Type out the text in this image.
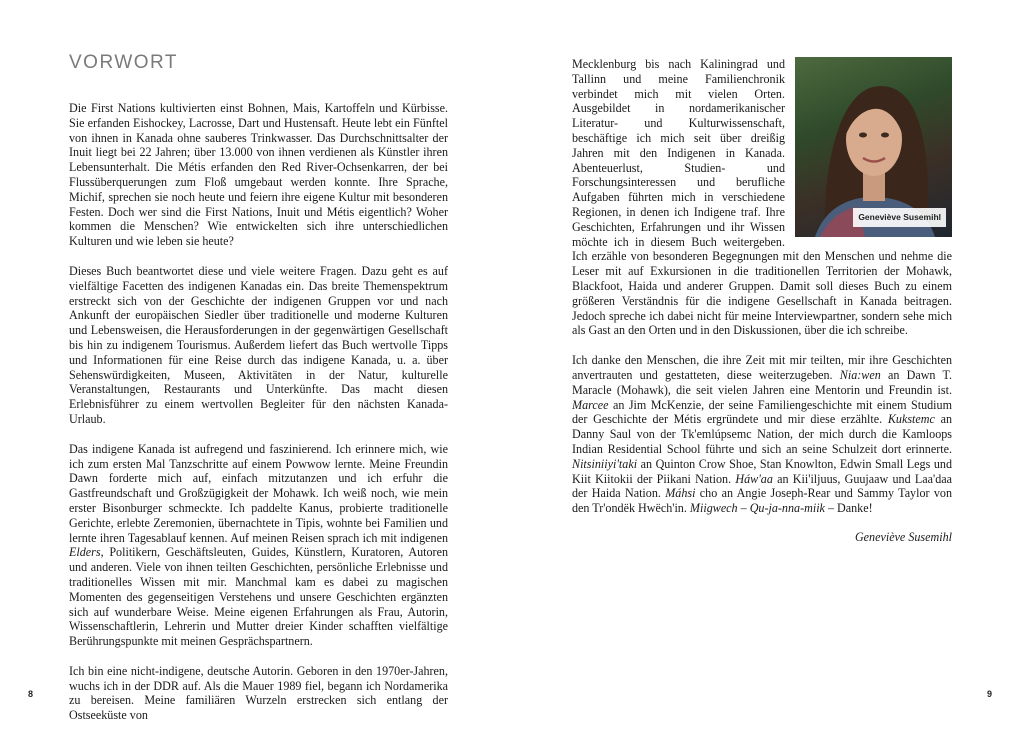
VORWORT

Die First Nations kultivierten einst Bohnen, Mais, Kartoffeln und Kürbisse. Sie erfanden Eishockey, Lacrosse, Dart und Hustensaft. Heute lebt ein Fünftel von ihnen in Kanada ohne sauberes Trinkwasser. Das Durchschnittsalter der Inuit liegt bei 22 Jahren; über 13.000 von ihnen verdienen als Künstler ihren Lebensunterhalt. Die Métis erfanden den Red River-Ochsenkarren, der bei Flussüberquerungen zum Floß umgebaut werden konnte. Ihre Sprache, Michif, sprechen sie noch heute und feiern ihre eigene Kultur mit besonderen Festen. Doch wer sind die First Nations, Inuit und Métis eigentlich? Woher kommen die Menschen? Wie entwickelten sich ihre unterschiedlichen Kulturen und wie leben sie heute?

Dieses Buch beantwortet diese und viele weitere Fragen. Dazu geht es auf vielfältige Facetten des indigenen Kanadas ein. Das breite Themenspektrum erstreckt sich von der Geschichte der indigenen Gruppen vor und nach Ankunft der europäischen Siedler über traditionelle und moderne Kulturen und Lebensweisen, die Herausforderungen in der gegenwärtigen Gesellschaft bis hin zu indigenem Tourismus. Außerdem liefert das Buch wertvolle Tipps und Informationen für eine Reise durch das indigene Kanada, u. a. über Sehenswürdigkeiten, Museen, Aktivitäten in der Natur, kulturelle Veranstaltungen, Restaurants und Unterkünfte. Das macht diesen Erlebnisführer zu einem wertvollen Begleiter für den nächsten Kanada-Urlaub.

Das indigene Kanada ist aufregend und faszinierend. Ich erinnere mich, wie ich zum ersten Mal Tanzschritte auf einem Powwow lernte. Meine Freundin Dawn forderte mich auf, einfach mitzutanzen und ich erfuhr die Gastfreundschaft und Großzügigkeit der Mohawk. Ich weiß noch, wie mein erster Bisonburger schmeckte. Ich paddelte Kanus, probierte traditionelle Gerichte, erlebte Zeremonien, übernachtete in Tipis, wohnte bei Familien und lernte ihren Tagesablauf kennen. Auf meinen Reisen sprach ich mit indigenen Elders, Politikern, Geschäftsleuten, Guides, Künstlern, Kuratoren, Autoren und anderen. Viele von ihnen teilten Geschichten, persönliche Erlebnisse und traditionelles Wissen mit mir. Manchmal kam es dabei zu magischen Momenten des gegenseitigen Verstehens und unsere Geschichten ergänzten sich auf wunderbare Weise. Meine eigenen Erfahrungen als Frau, Autorin, Wissenschaftlerin, Lehrerin und Mutter dreier Kinder schafften vielfältige Berührungspunkte mit meinen Gesprächspartnern.

Ich bin eine nicht-indigene, deutsche Autorin. Geboren in den 1970er-Jahren, wuchs ich in der DDR auf. Als die Mauer 1989 fiel, begann ich Nordamerika zu bereisen. Meine familiären Wurzeln erstrecken sich entlang der Ostseeküste von

8
Geneviève Susemihl

Mecklenburg bis nach Kaliningrad und Tallinn und meine Familienchronik verbindet mich mit vielen Orten. Ausgebildet in nordamerikanischer Literatur- und Kulturwissenschaft, beschäftige ich mich seit über dreißig Jahren mit den Indigenen in Kanada. Abenteuerlust, Studien- und Forschungsinteressen und berufliche Aufgaben führten mich in verschiedene Regionen, in denen ich Indigene traf. Ihre Geschichten, Erfahrungen und ihr Wissen möchte ich in diesem Buch weitergeben. Ich erzähle von besonderen Begegnungen mit den Menschen und nehme die Leser mit auf Exkursionen in die traditionellen Territorien der Mohawk, Blackfoot, Haida und anderer Gruppen. Damit soll dieses Buch zu einem größeren Verständnis für die indigene Gesellschaft in Kanada beitragen. Jedoch spreche ich dabei nicht für meine Interviewpartner, sondern sehe mich als Gast an den Orten und in den Diskussionen, über die ich schreibe.

Ich danke den Menschen, die ihre Zeit mit mir teilten, mir ihre Geschichten anvertrauten und gestatteten, diese weiterzugeben. Nia:wen an Dawn T. Maracle (Mohawk), die seit vielen Jahren eine Mentorin und Freundin ist. Marcee an Jim McKenzie, der seine Familiengeschichte mit einem Studium der Geschichte der Métis ergründete und mir diese erzählte. Kukstemc an Danny Saul von der Tk'emlúpsemc Nation, der mich durch die Kamloops Indian Residential School führte und sich an seine Schulzeit dort erinnerte. Nitsiniiyi'taki an Quinton Crow Shoe, Stan Knowlton, Edwin Small Legs und Kiit Kiitokii der Piikani Nation. Háw'aa an Kii'iljuus, Guujaaw und Laa'daa der Haida Nation. Máhsi cho an Angie Joseph-Rear und Sammy Taylor von den Tr'ondëk Hwëch'in. Miigwech – Qu-ja-nna-miik – Danke!

Geneviève Susemihl
9
